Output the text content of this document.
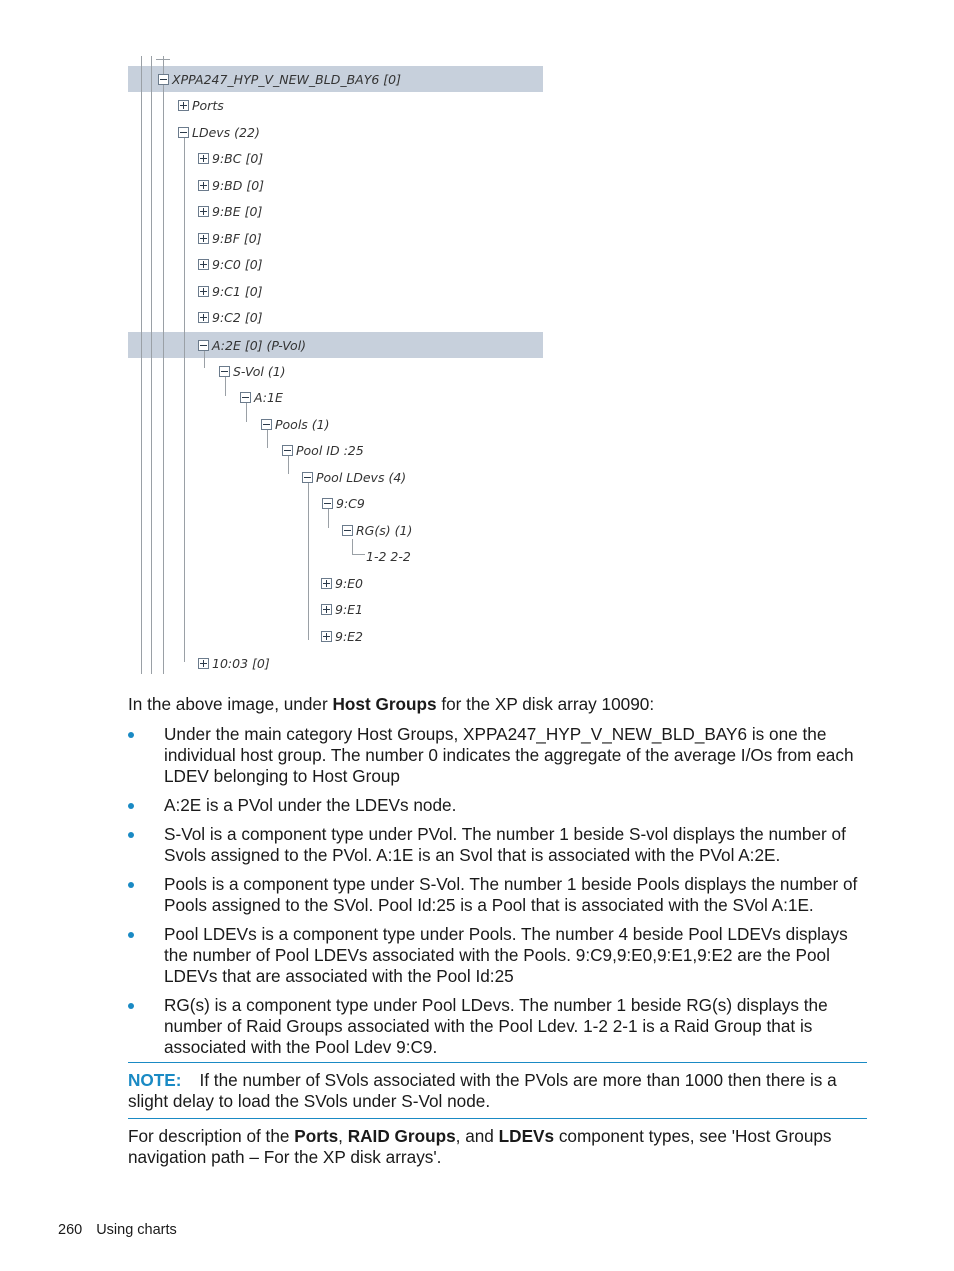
XPPA247_HYP_V_NEW_BLD_BAY6 [0]
Ports
LDevs (22)
9:BC [0]
9:BD [0]
9:BE [0]
9:BF [0]
9:C0 [0]
9:C1 [0]
9:C2 [0]
A:2E [0] (P-Vol)
S-Vol (1)
A:1E
Pools (1)
Pool ID :25
Pool LDevs (4)
9:C9
RG(s) (1)
1-2 2-2
9:E0
9:E1
9:E2
10:03 [0]
In the above image, under Host Groups for the XP disk array 10090:
Under the main category Host Groups, XPPA247_HYP_V_NEW_BLD_BAY6 is one the individual host group. The number 0 indicates the aggregate of the average I/Os from each LDEV belonging to Host Group
A:2E is a PVol under the LDEVs node.
S-Vol is a component type under PVol. The number 1 beside S-vol displays the number of Svols assigned to the PVol. A:1E is an Svol that is associated with the PVol A:2E.
Pools is a component type under S-Vol. The number 1 beside Pools displays the number of Pools assigned to the SVol. Pool Id:25 is a Pool that is associated with the SVol A:1E.
Pool LDEVs is a component type under Pools. The number 4 beside Pool LDEVs displays the number of Pool LDEVs associated with the Pools. 9:C9,9:E0,9:E1,9:E2 are the Pool LDEVs that are associated with the Pool Id:25
RG(s) is a component type under Pool LDevs. The number 1 beside RG(s) displays the number of Raid Groups associated with the Pool Ldev. 1-2 2-1 is a Raid Group that is associated with the Pool Ldev 9:C9.
NOTE: If the number of SVols associated with the PVols are more than 1000 then there is a slight delay to load the SVols under S-Vol node.
For description of the Ports, RAID Groups, and LDEVs component types, see 'Host Groups navigation path – For the XP disk arrays'.
260 Using charts
